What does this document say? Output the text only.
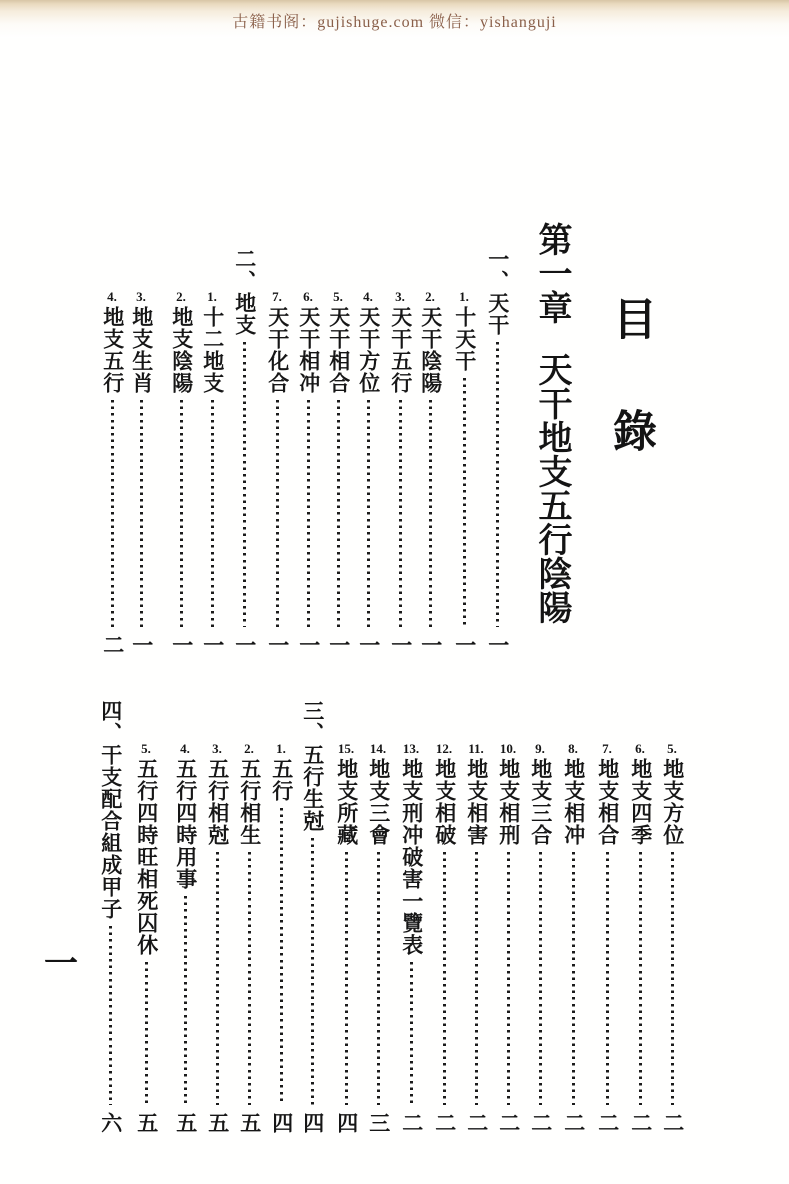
古籍书阁：gujishuge.com 微信：yishanguji
目　錄
第一章
天干地支五行陰陽
一、天干
一
1.
十天干
一
2.
天干陰陽
一
3.
天干五行
一
4.
天干方位
一
5.
天干相合
一
6.
天干相冲
一
7.
天干化合
一
二、地支
一
1.
十二地支
一
2.
地支陰陽
一
3.
地支生肖
一
4.
地支五行
二
5.
地支方位
二
6.
地支四季
二
7.
地支相合
二
8.
地支相冲
二
9.
地支三合
二
10.
地支相刑
二
11.
地支相害
二
12.
地支相破
二
13.
地支刑冲破害一覽表
二
14.
地支三會
三
15.
地支所藏
四
三、五行生尅
四
1.
五行
四
2.
五行相生
五
3.
五行相尅
五
4.
五行四時用事
五
5.
五行四時旺相死囚休
五
四、干支配合組成甲子
六
一
